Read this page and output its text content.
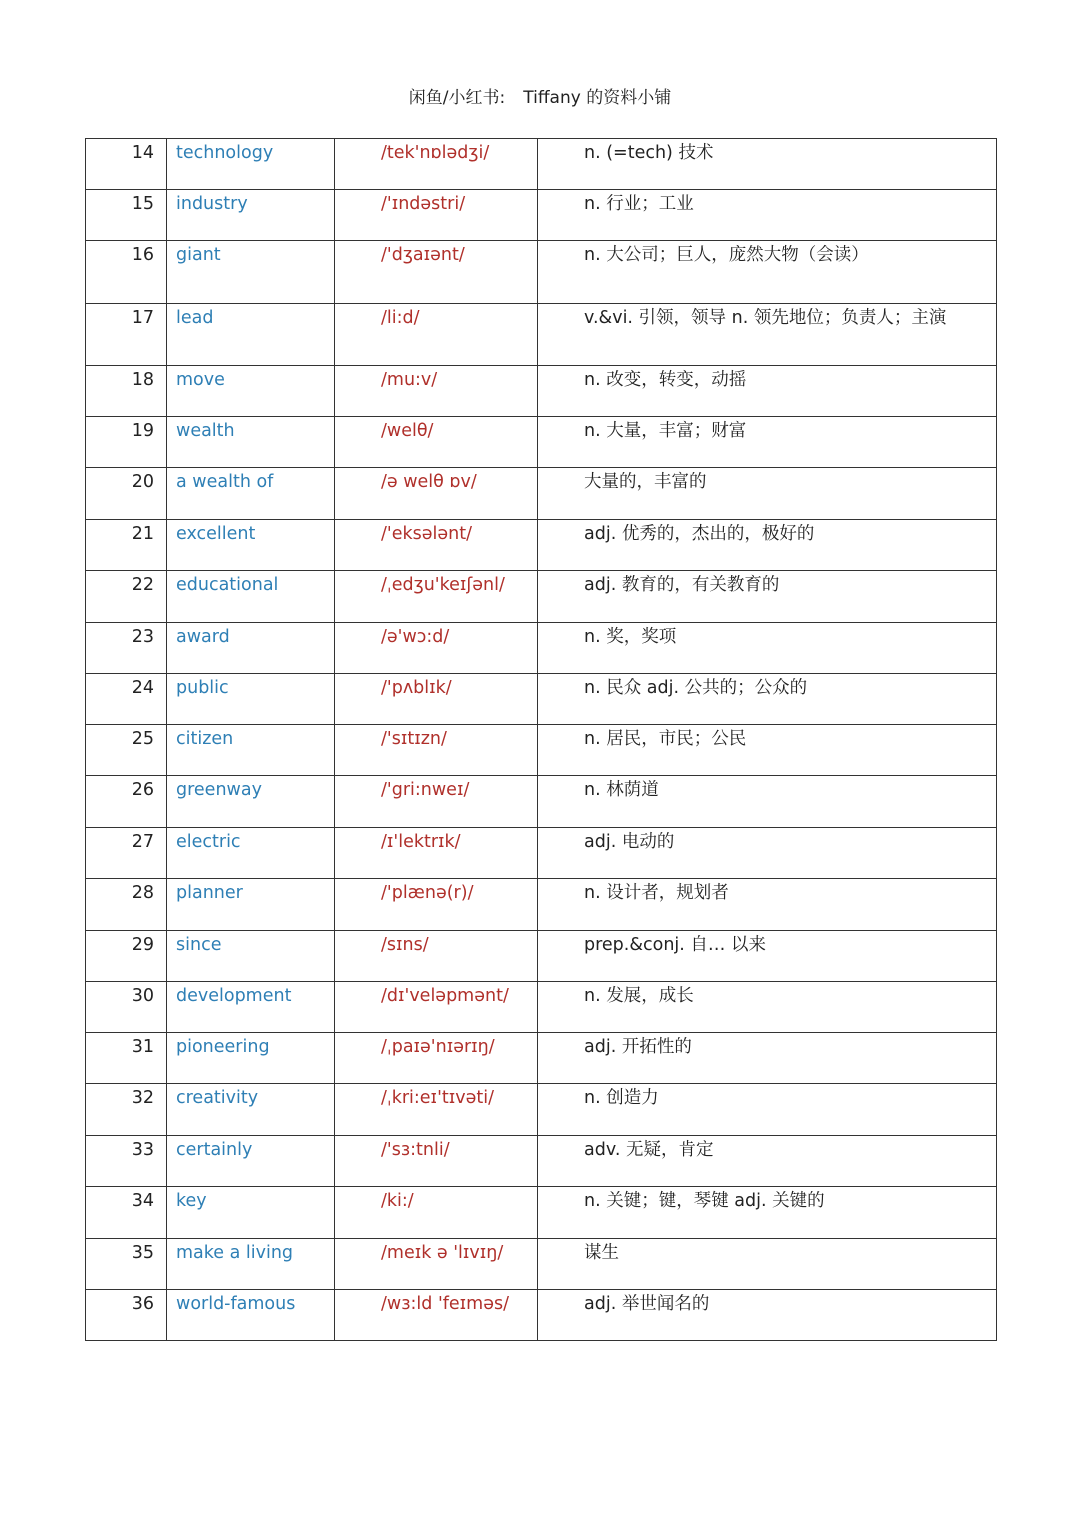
闲鱼/小红书: Tiffany 的资料小铺
14	technology	/tek'nɒlədʒi/	n. (=tech) 技术

15	industry	/'ɪndəstri/	n. 行业；工业

16	giant	/'dʒaɪənt/	n. 大公司；巨人，庞然大物（会读）

17	lead	/li:d/	v.&vi. 引领，领导 n. 领先地位；负责人；主演

18	move	/mu:v/	n. 改变，转变，动摇

19	wealth	/welθ/	n. 大量，丰富；财富

20	a wealth of	/ə welθ ɒv/	大量的，丰富的

21	excellent	/'eksələnt/	adj. 优秀的，杰出的，极好的

22	educational	/ˌedʒu'keɪʃənl/	adj. 教育的，有关教育的

23	award	/ə'wɔ:d/	n. 奖，奖项

24	public	/'pʌblɪk/	n. 民众 adj. 公共的；公众的

25	citizen	/'sɪtɪzn/	n. 居民，市民；公民

26	greenway	/'gri:nweɪ/	n. 林荫道

27	electric	/ɪ'lektrɪk/	adj. 电动的

28	planner	/'plænə(r)/	n. 设计者，规划者

29	since	/sɪns/	prep.&conj. 自… 以来

30	development	/dɪ'veləpmənt/	n. 发展，成长

31	pioneering	/ˌpaɪə'nɪərɪŋ/	adj. 开拓性的

32	creativity	/ˌkri:eɪ'tɪvəti/	n. 创造力

33	certainly	/'sɜ:tnli/	adv. 无疑，肯定

34	key	/ki:/	n. 关键；键，琴键 adj. 关键的

35	make a living	/meɪk ə 'lɪvɪŋ/	谋生

36	world-famous	/wɜ:ld 'feɪməs/	adj. 举世闻名的
